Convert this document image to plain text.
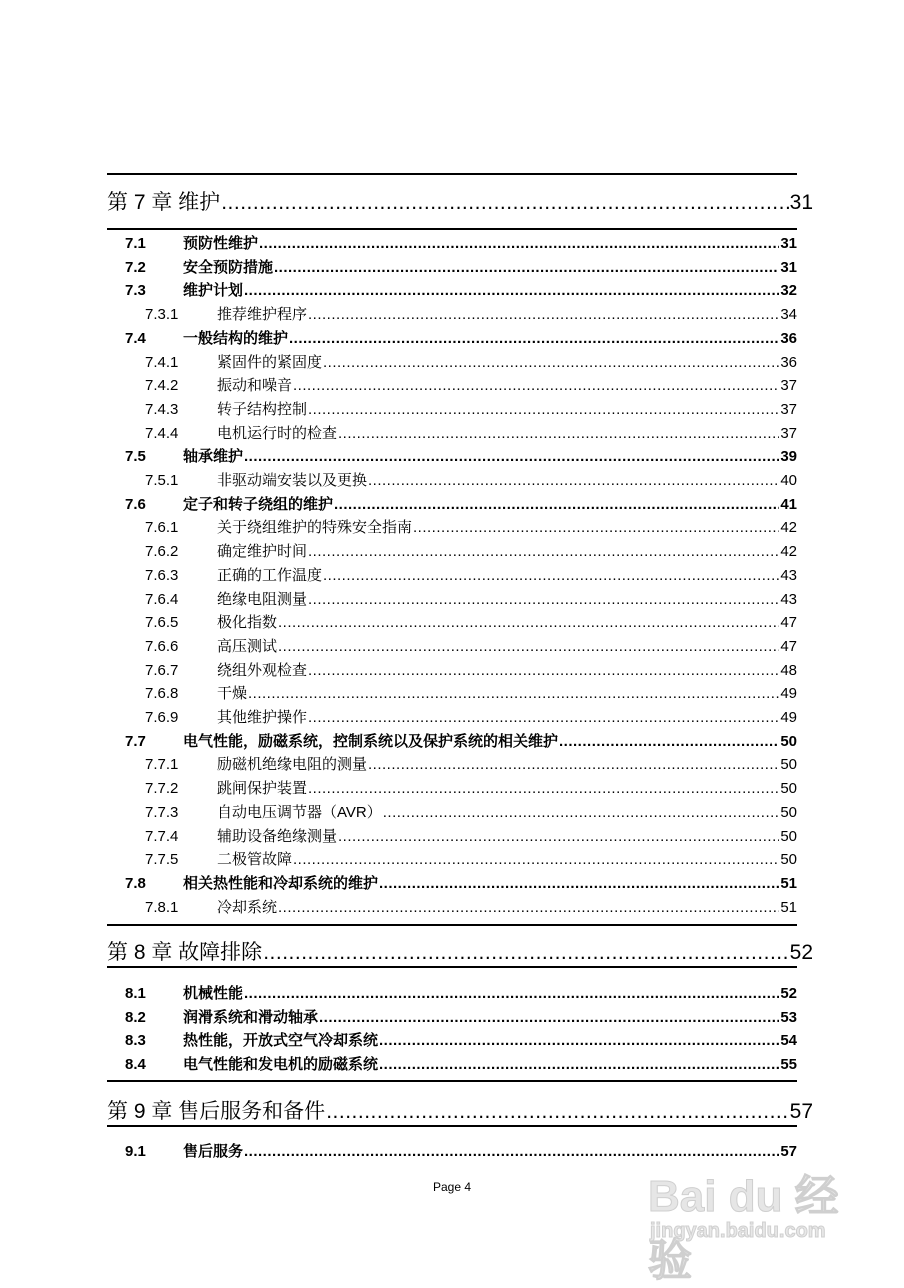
第 7 章 维护 .....	31
7.1	预防性维护 .....	31
7.2	安全预防措施 .....	31
7.3	维护计划 .....	32
7.3.1	推荐维护程序 .....	34
7.4	一般结构的维护 .....	36
7.4.1	紧固件的紧固度 .....	36
7.4.2	振动和噪音 .....	37
7.4.3	转子结构控制 .....	37
7.4.4	电机运行时的检查 .....	37
7.5	轴承维护 .....	39
7.5.1	非驱动端安装以及更换 .....	40
7.6	定子和转子绕组的维护 .....	41
7.6.1	关于绕组维护的特殊安全指南 .....	42
7.6.2	确定维护时间 .....	42
7.6.3	正确的工作温度 .....	43
7.6.4	绝缘电阻测量 .....	43
7.6.5	极化指数 .....	47
7.6.6	高压测试 .....	47
7.6.7	绕组外观检查 .....	48
7.6.8	干燥 .....	49
7.6.9	其他维护操作 .....	49
7.7	电气性能，励磁系统，控制系统以及保护系统的相关维护 .....	50
7.7.1	励磁机绝缘电阻的测量 .....	50
7.7.2	跳闸保护装置 .....	50
7.7.3	自动电压调节器（AVR） .....	50
7.7.4	辅助设备绝缘测量 .....	50
7.7.5	二极管故障 .....	50
7.8	相关热性能和冷却系统的维护 .....	51
7.8.1	冷却系统 .....	51
第 8 章 故障排除 .....	52
8.1	机械性能 .....	52
8.2	润滑系统和滑动轴承 .....	53
8.3	热性能，开放式空气冷却系统 .....	54
8.4	电气性能和发电机的励磁系统 .....	55
第 9 章 售后服务和备件 .....	57
9.1	售后服务 .....	57
Page 4	Bai du 经验
jingyan.baidu.com
